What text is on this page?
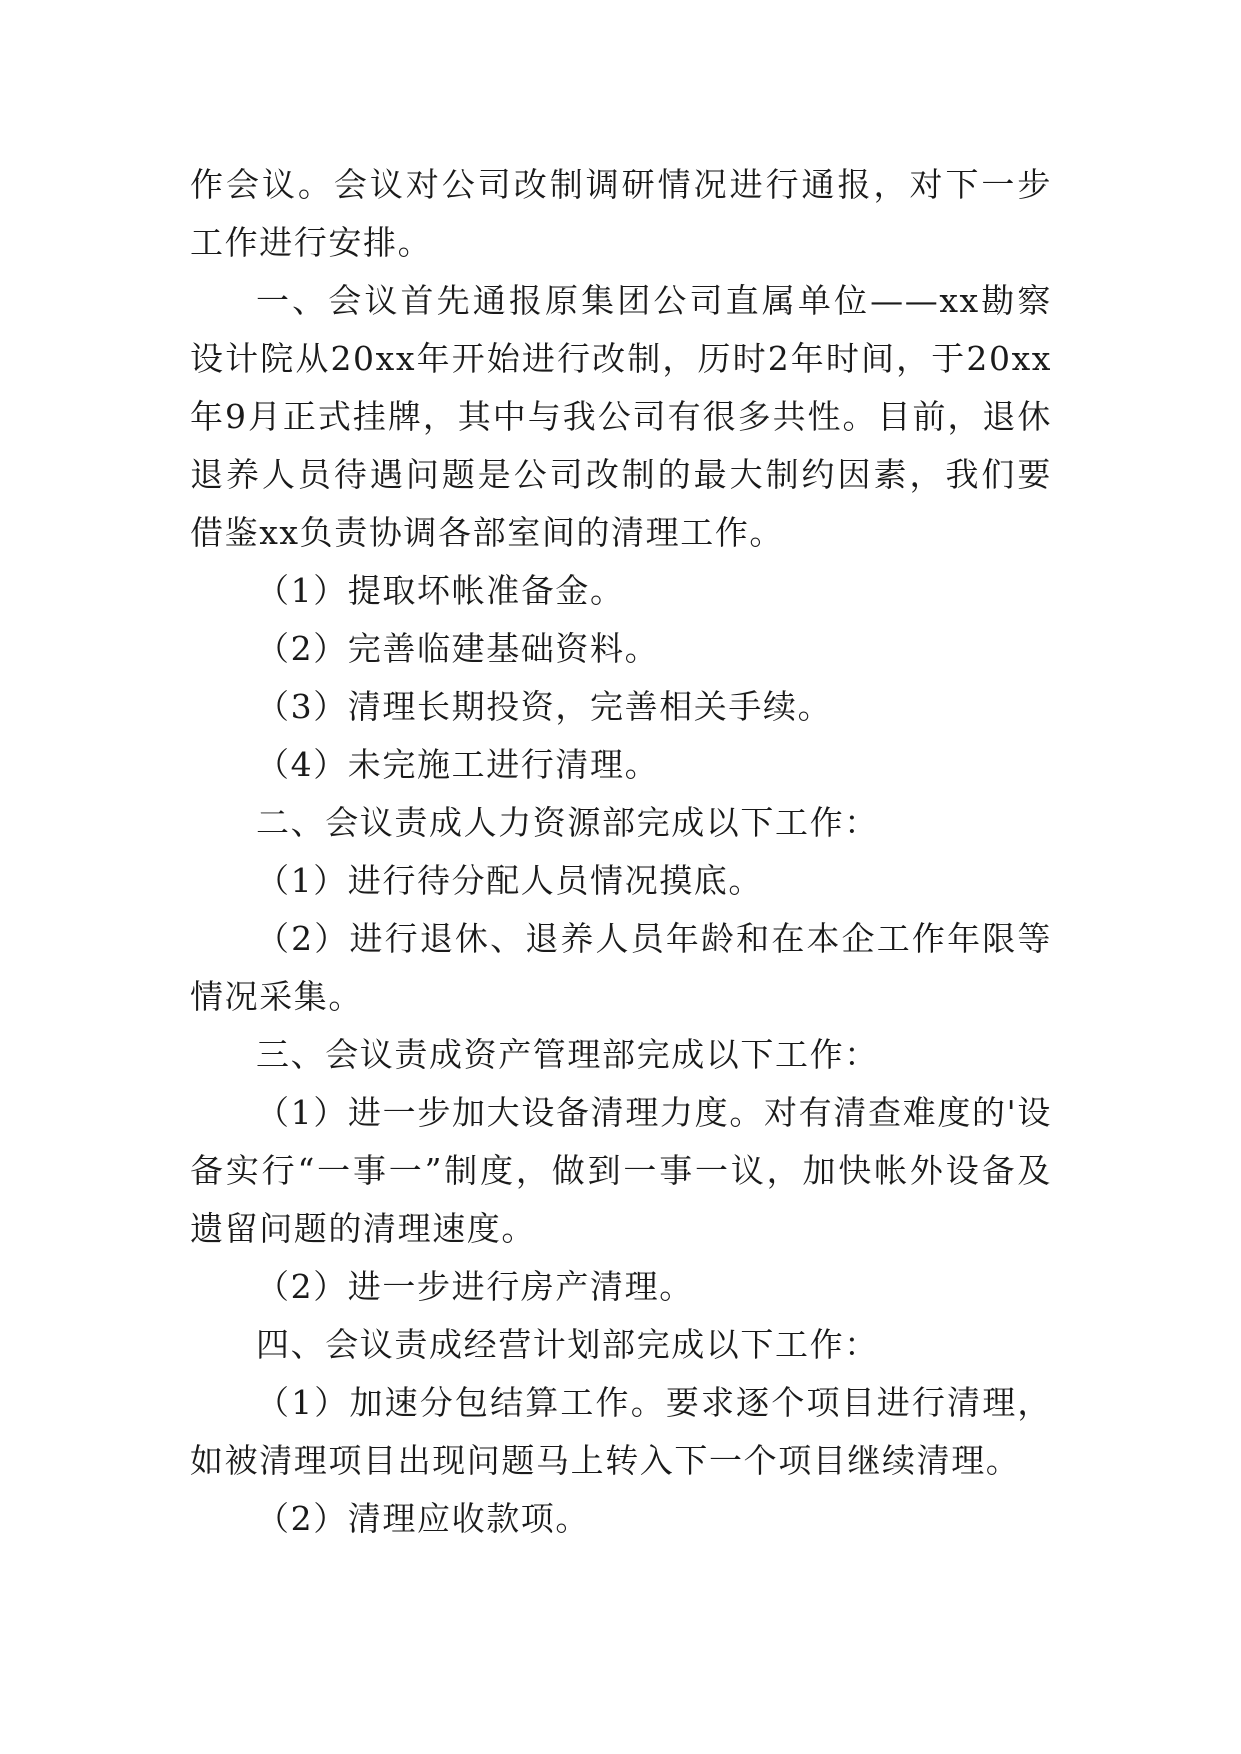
作会议。会议对公司改制调研情况进行通报，对下一步工作进行安排。

一、会议首先通报原集团公司直属单位——xx勘察设计院从20xx年开始进行改制，历时2年时间，于20xx年9月正式挂牌，其中与我公司有很多共性。目前，退休退养人员待遇问题是公司改制的最大制约因素，我们要借鉴xx负责协调各部室间的清理工作。

（1）提取坏帐准备金。

（2）完善临建基础资料。

（3）清理长期投资，完善相关手续。

（4）未完施工进行清理。

二、会议责成人力资源部完成以下工作：

（1）进行待分配人员情况摸底。

（2）进行退休、退养人员年龄和在本企工作年限等情况采集。

三、会议责成资产管理部完成以下工作：

（1）进一步加大设备清理力度。对有清查难度的'设备实行“一事一”制度，做到一事一议，加快帐外设备及遗留问题的清理速度。

（2）进一步进行房产清理。

四、会议责成经营计划部完成以下工作：

（1）加速分包结算工作。要求逐个项目进行清理，如被清理项目出现问题马上转入下一个项目继续清理。

（2）清理应收款项。
